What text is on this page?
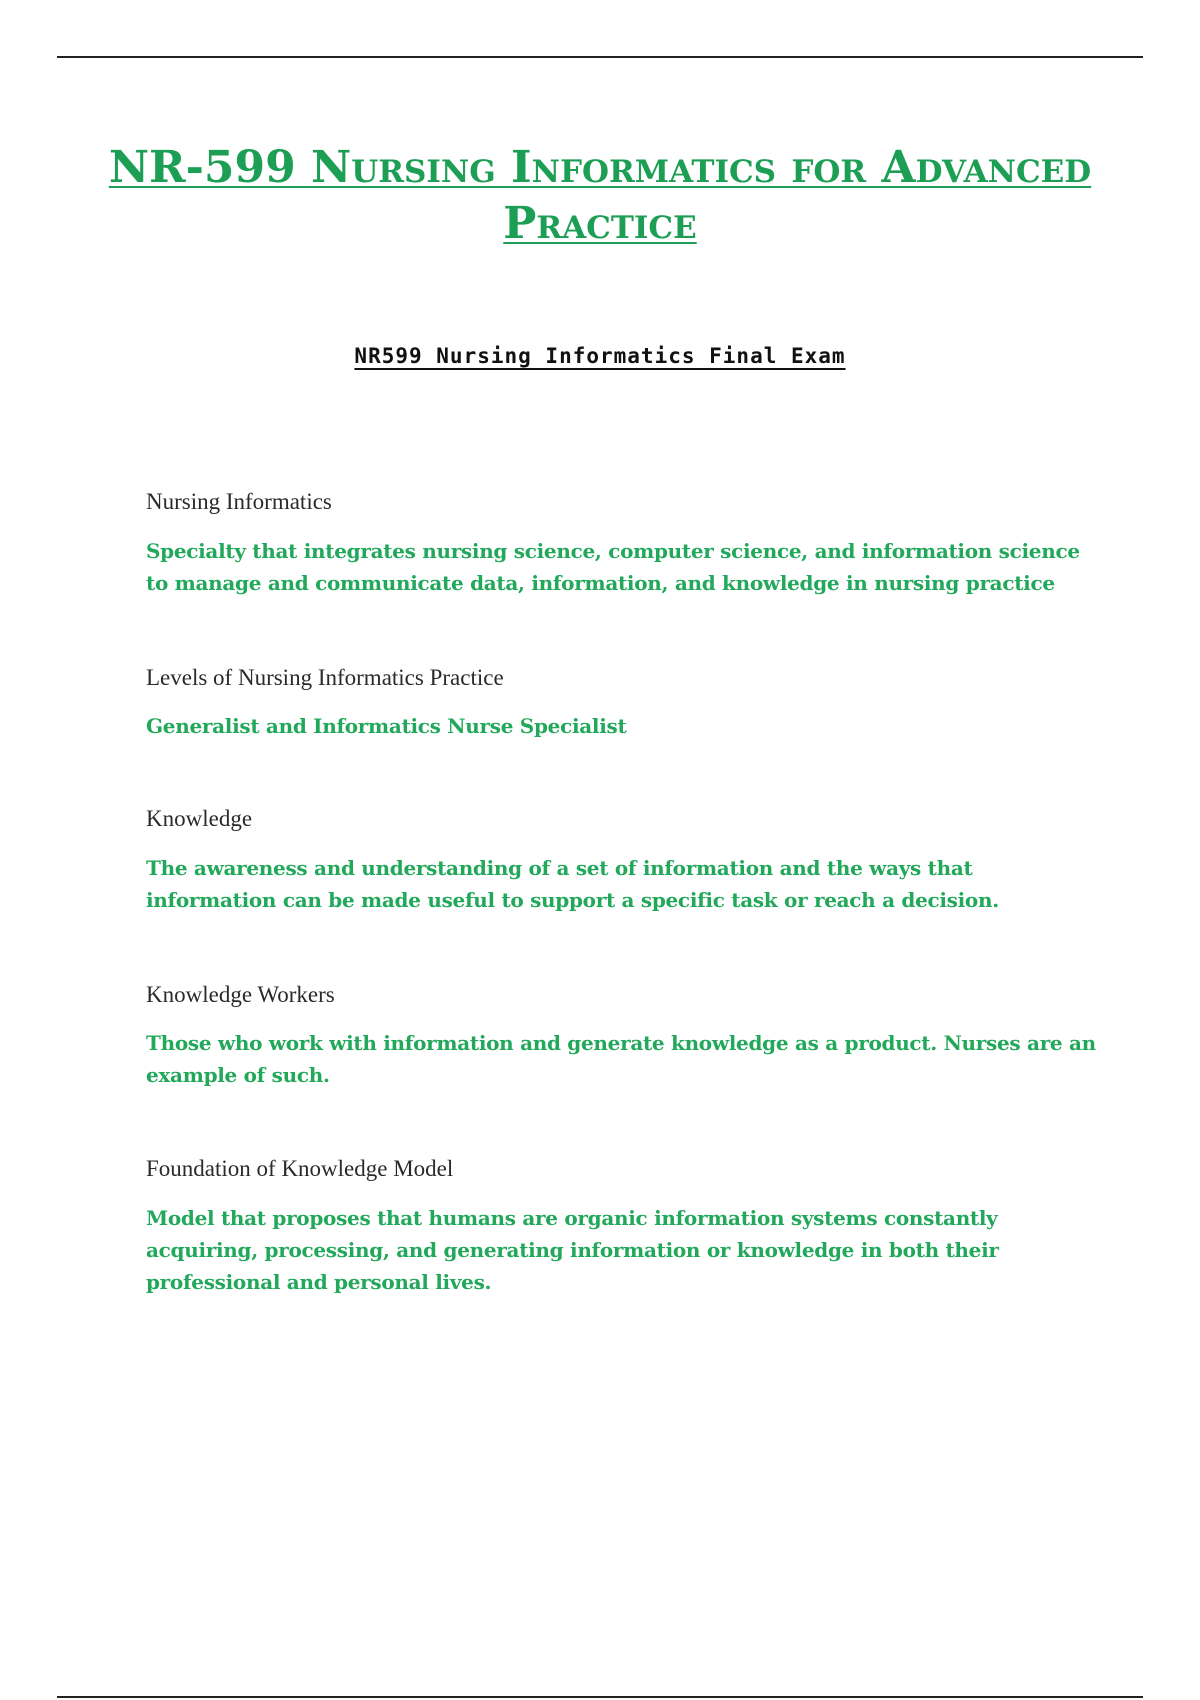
NR-599 Nursing Informatics for Advanced Practice
NR599 Nursing Informatics Final Exam
Nursing Informatics
Specialty that integrates nursing science, computer science, and information science to manage and communicate data, information, and knowledge in nursing practice
Levels of Nursing Informatics Practice
Generalist and Informatics Nurse Specialist
Knowledge
The awareness and understanding of a set of information and the ways that information can be made useful to support a specific task or reach a decision.
Knowledge Workers
Those who work with information and generate knowledge as a product. Nurses are an example of such.
Foundation of Knowledge Model
Model that proposes that humans are organic information systems constantly acquiring, processing, and generating information or knowledge in both their professional and personal lives.
